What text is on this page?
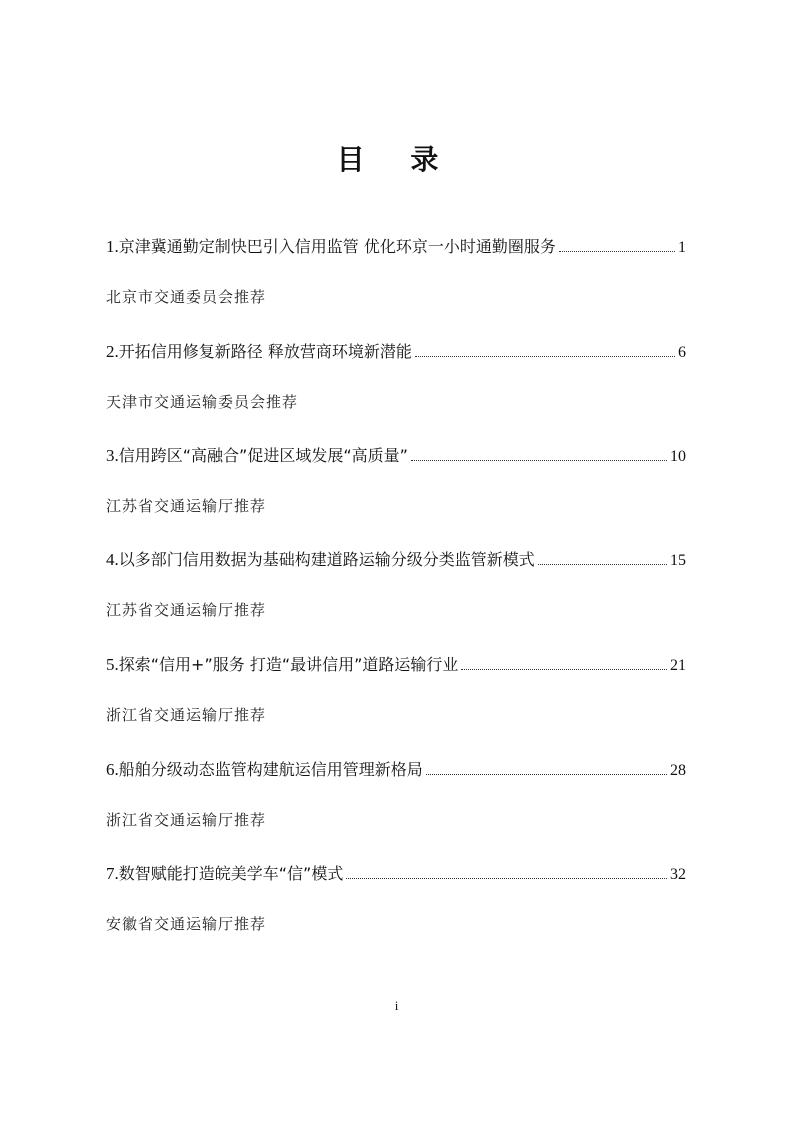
目 录
1. 京津冀通勤定制快巴引入信用监管 优化环京一小时通勤圈服务	1
北京市交通委员会推荐
2. 开拓信用修复新路径 释放营商环境新潜能	6
天津市交通运输委员会推荐
3. 信用跨区“高融合”促进区域发展“高质量”	10
江苏省交通运输厅推荐
4. 以多部门信用数据为基础构建道路运输分级分类监管新模式	15
江苏省交通运输厅推荐
5. 探索“信用+”服务 打造“最讲信用”道路运输行业	21
浙江省交通运输厅推荐
6. 船舶分级动态监管构建航运信用管理新格局	28
浙江省交通运输厅推荐
7. 数智赋能打造皖美学车“信”模式	32
安徽省交通运输厅推荐
i
